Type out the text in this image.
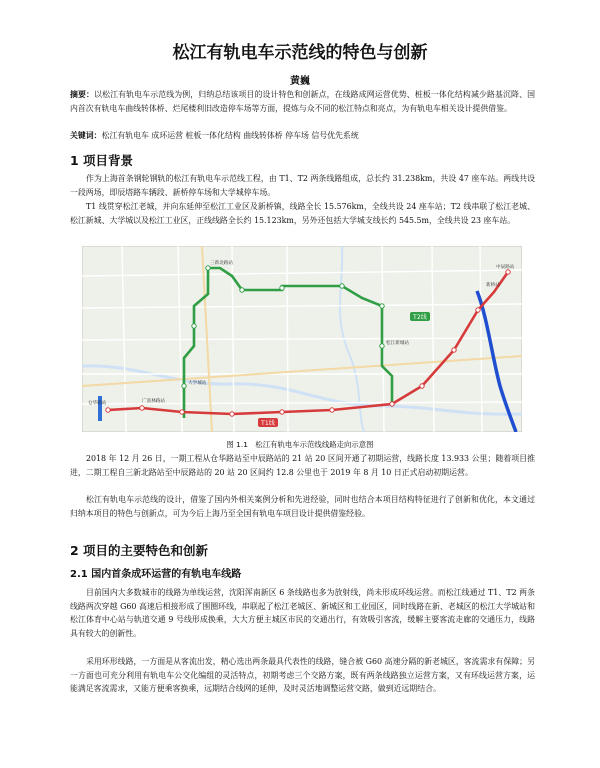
松江有轨电车示范线的特色与创新
黄巍

摘要：以松江有轨电车示范线为例，归纳总结该项目的设计特色和创新点，在线路成网运营优势、桩板一体化结构减少路基沉降、国内首次有轨电车曲线转体桥、烂尾楼利旧改造停车场等方面，提炼与众不同的松江特点和亮点，为有轨电车相关设计提供借鉴。

关键词：松江有轨电车 成环运营 桩板一体化结构 曲线转体桥 停车场 信号优先系统

1 项目背景

作为上海首条钢轮钢轨的松江有轨电车示范线工程，由 T1、T2 两条线路组成，总长约 31.238km，共设 47 座车站。两线共设一段两场，即辰塔路车辆段、新桥停车场和大学城停车场。

T1 线贯穿松江老城，并向东延伸至松江工业区及新桥镇，线路全长 15.576km，全线共设 24 座车站；T2 线串联了松江老城、松江新城、大学城以及松江工业区，正线线路全长约 15.123km，另外还包括大学城支线长约 545.5m，全线共设 23 座车站。

T2线
T1线
三新北路站
新桥站
中辰路站
仓华路站	广富林路站
大学城站
松江新城站
图 1.1　松江有轨电车示范线线路走向示意图

2018 年 12 月 26 日，一期工程从仓华路站至中辰路站的 21 站 20 区间开通了初期运营，线路长度 13.933 公里；随着项目推进，二期工程自三新北路站至中辰路站的 20 站 20 区间约 12.8 公里也于 2019 年 8 月 10 日正式启动初期运营。

松江有轨电车示范线的设计，借鉴了国内外相关案例分析和先进经验，同时也结合本项目结构特征进行了创新和优化，本文通过归纳本项目的特色与创新点，可为今后上海乃至全国有轨电车项目设计提供借鉴经验。

2 项目的主要特色和创新
2.1 国内首条成环运营的有轨电车线路

目前国内大多数城市的线路为单线运营，沈阳浑南新区 6 条线路也多为放射线，尚未形成环线运营。而松江线通过 T1、T2 两条线路两次穿越 G60 高速后相接形成了围圈环线，串联起了松江老城区、新城区和工业园区，同时线路在新、老城区的松江大学城站和松江体育中心站与轨道交通 9 号线形成换乘，大大方便主城区市民的交通出行，有效吸引客流，缓解主要客流走廊的交通压力，线路具有较大的创新性。

采用环形线路，一方面是从客流出发，精心选出两条最具代表性的线路，缝合被 G60 高速分隔的新老城区，客流需求有保障；另一方面也可充分利用有轨电车公交化编组的灵活特点，初期考虑三个交路方案，既有两条线路独立运营方案，又有环线运营方案，运能满足客流需求，又能方便乘客换乘，远期结合线网的延伸，及时灵活地调整运营交路，做到近远期结合。
